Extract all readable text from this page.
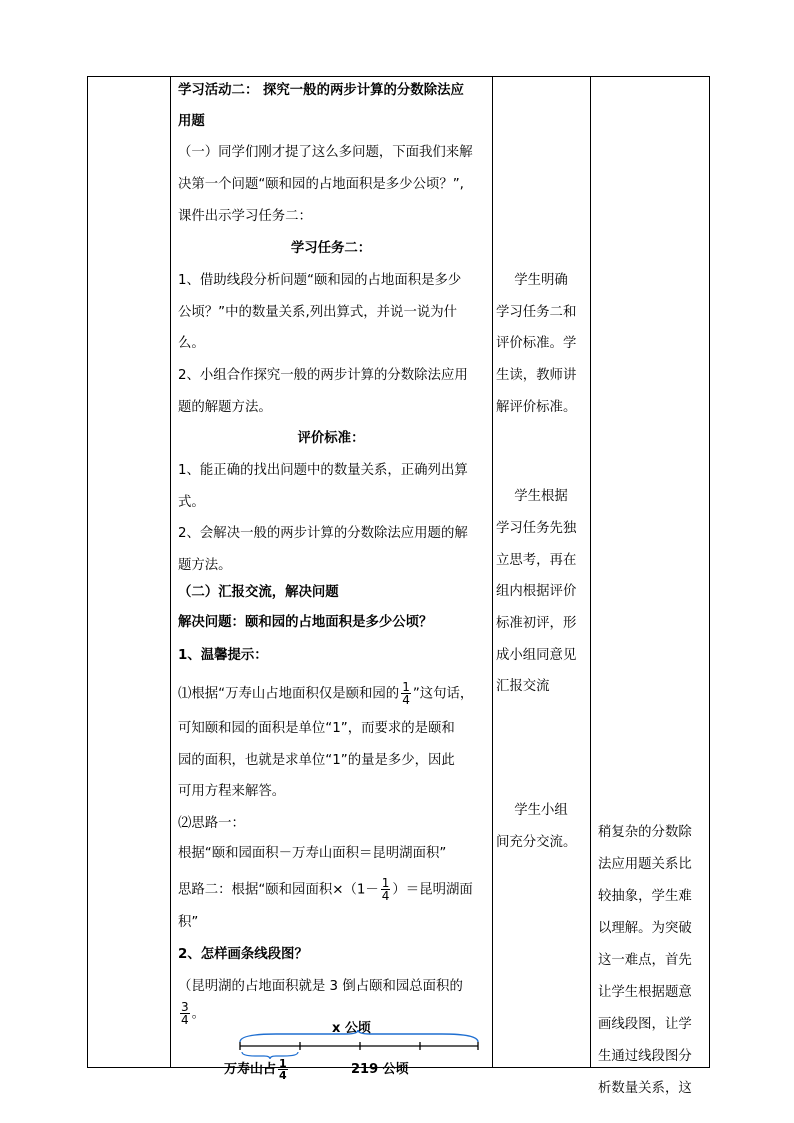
学习活动二： 探究一般的两步计算的分数除法应
用题
（一）同学们刚才提了这么多问题，下面我们来解
决第一个问题“颐和园的占地面积是多少公顷？”,
课件出示学习任务二：
学习任务二：
1、借助线段分析问题“颐和园的占地面积是多少
公顷？”中的数量关系,列出算式，并说一说为什
么。
2、小组合作探究一般的两步计算的分数除法应用
题的解题方法。
评价标准：
1、能正确的找出问题中的数量关系，正确列出算
式。
2、会解决一般的两步计算的分数除法应用题的解
题方法。
（二）汇报交流，解决问题
解决问题：颐和园的占地面积是多少公顷？
1、温馨提示：
⑴根据“万寿山占地面积仅是颐和园的 $\frac{1}{4}$ ”这句话，
可知颐和园的面积是单位“1”，而要求的是颐和
园的面积，也就是求单位“1”的量是多少，因此
可用方程来解答。
⑵思路一：
根据“颐和园面积－万寿山面积＝昆明湖面积”
思路二：根据“颐和园面积$\times(1- \frac{1}{4}$ ）＝昆明湖面
积”
2、怎样画条线段图？
（昆明湖的占地面积就是 3 倒占颐和园总面积的
$\frac{3}{4}$ 。
学生明确
学习任务二和
评价标准。学
生读，教师讲
解评价标准。
学生根据
学习任务先独
立思考，再在
组内根据评价
标准初评，形
成小组同意见
汇报交流
学生小组
间充分交流。
稍复杂的分数除
法应用题关系比
较抽象，学生难
以理解。为突破
这一难点，首先
让学生根据题意
画线段图，让学
生通过线段图分
析数量关系，这
x 公顷
万寿山占 $\frac{1}{4}$	219 公顷
